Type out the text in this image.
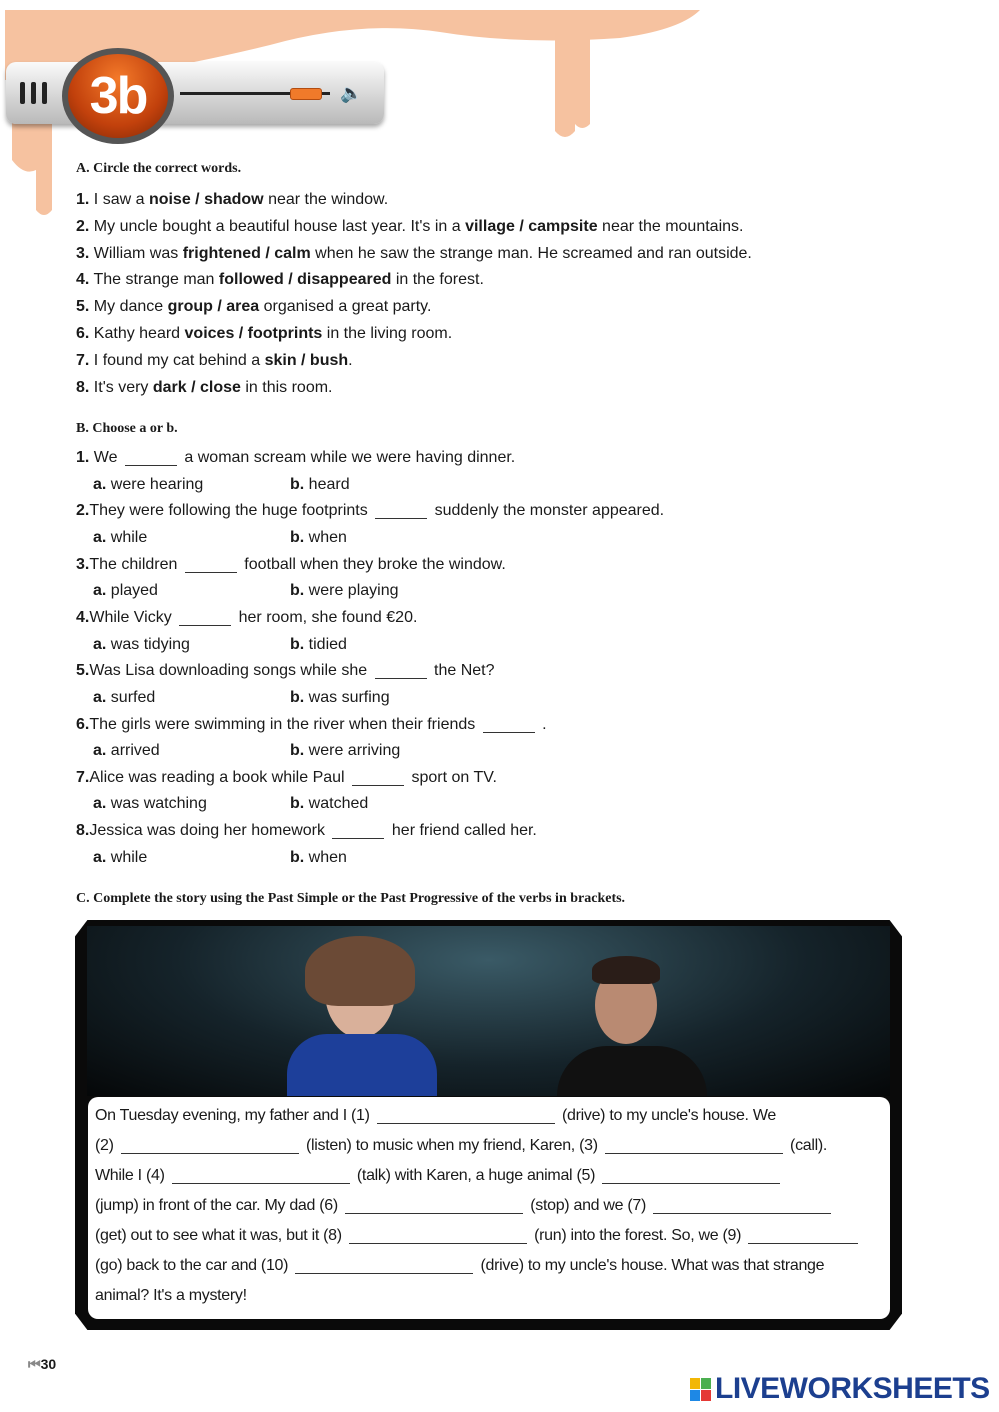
🔈
3b
A. Circle the correct words.
1. I saw a noise / shadow near the window.
2. My uncle bought a beautiful house last year. It's in a village / campsite near the mountains.
3. William was frightened / calm when he saw the strange man. He screamed and ran outside.
4. The strange man followed / disappeared in the forest.
5. My dance group / area organised a great party.
6. Kathy heard voices / footprints in the living room.
7. I found my cat behind a skin / bush.
8. It's very dark / close in this room.
B. Choose a or b.
1. We	a woman scream while we were having dinner.
a. were hearing	b. heard
2.They were following the huge footprints	suddenly the monster appeared.
a. while	b. when
3.The children	football when they broke the window.
a. played	b. were playing
4.While Vicky	her room, she found €20.
a. was tidying	b. tidied
5.Was Lisa downloading songs while she	the Net?
a. surfed	b. was surfing
6.The girls were swimming in the river when their friends	.
a. arrived	b. were arriving
7.Alice was reading a book while Paul	sport on TV.
a. was watching	b. watched
8.Jessica was doing her homework	her friend called her.
a. while	b. when
C. Complete the story using the Past Simple or the Past Progressive of the verbs in brackets.
On Tuesday evening, my father and I (1)	(drive) to my uncle's house. We
(2)	(listen) to music when my friend, Karen, (3)	(call).
While I (4)	(talk) with Karen, a huge animal (5)
(jump) in front of the car. My dad (6)	(stop) and we (7)
(get) out to see what it was, but it (8)	(run) into the forest. So, we (9)
(go) back to the car and (10)	(drive) to my uncle's house. What was that strange
animal? It's a mystery!
⏮30
LIVEWORKSHEETS
